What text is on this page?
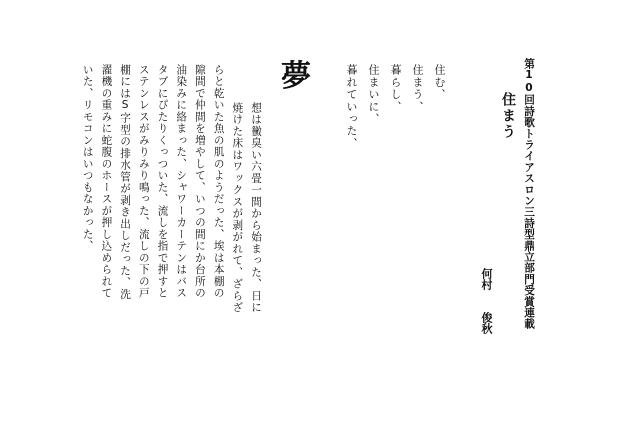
第10回詩歌トライアスロン三詩型鼎立部門受賞連載
住まう
何村俊秋
住む、
住まう、
暮らし、
住まいに、
暮れていった、
夢
想は黴臭い六畳一間から始まった、日に
焼けた床はワックスが剥がれて、ざらざ
らと乾いた魚の肌のようだった、埃は本棚の
隙間で仲間を増やして、いつの間にか台所の
油染みに絡まった、シャワーカーテンはバス
タブにぴたりくっついた、流しを指で押すと
ステンレスがみりみり鳴った、流しの下の戸
棚にはS字型の排水管が剥き出しだった、洗
濯機の重みに蛇腹のホースが押し込められて
いた、リモコンはいつもなかった、
